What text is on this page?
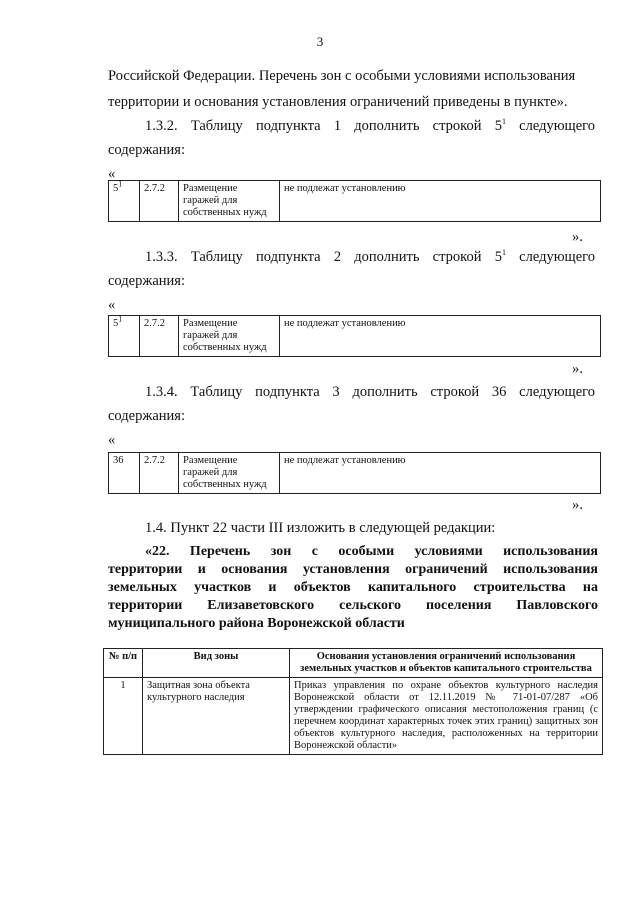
3
Российской Федерации. Перечень зон с особыми условиями использования
территории и основания установления ограничений приведены в пункте».
1.3.2. Таблицу подпункта 1 дополнить строкой $5^1$ следующего
содержания:
«
$5^1$	2.7.2	Размещение гаражей для собственных нужд	не подлежат установлению
».
1.3.3. Таблицу подпункта 2 дополнить строкой $5^1$ следующего
содержания:
«
$5^1$	2.7.2	Размещение гаражей для собственных нужд	не подлежат установлению
».
1.3.4. Таблицу подпункта 3 дополнить строкой 36 следующего
содержания:
«
36	2.7.2	Размещение гаражей для собственных нужд	не подлежат установлению
».
1.4. Пункт 22 части III изложить в следующей редакции:
«22. Перечень зон с особыми условиями использования
территории и основания установления ограничений использования
земельных участков и объектов капитального строительства на
территории Елизаветовского сельского поселения Павловского
муниципального района Воронежской области
№ п/п	Вид зоны	Основания установления ограничений использования земельных участков и объектов капитального строительства
1	Защитная зона объекта культурного наследия	Приказ управления по охране объектов культурного наследия Воронежской области от 12.11.2019 № 71-01-07/287 «Об утверждении графического описания местоположения границ (с перечнем координат характерных точек этих границ) защитных зон объектов культурного наследия, расположенных на территории Воронежской области»
